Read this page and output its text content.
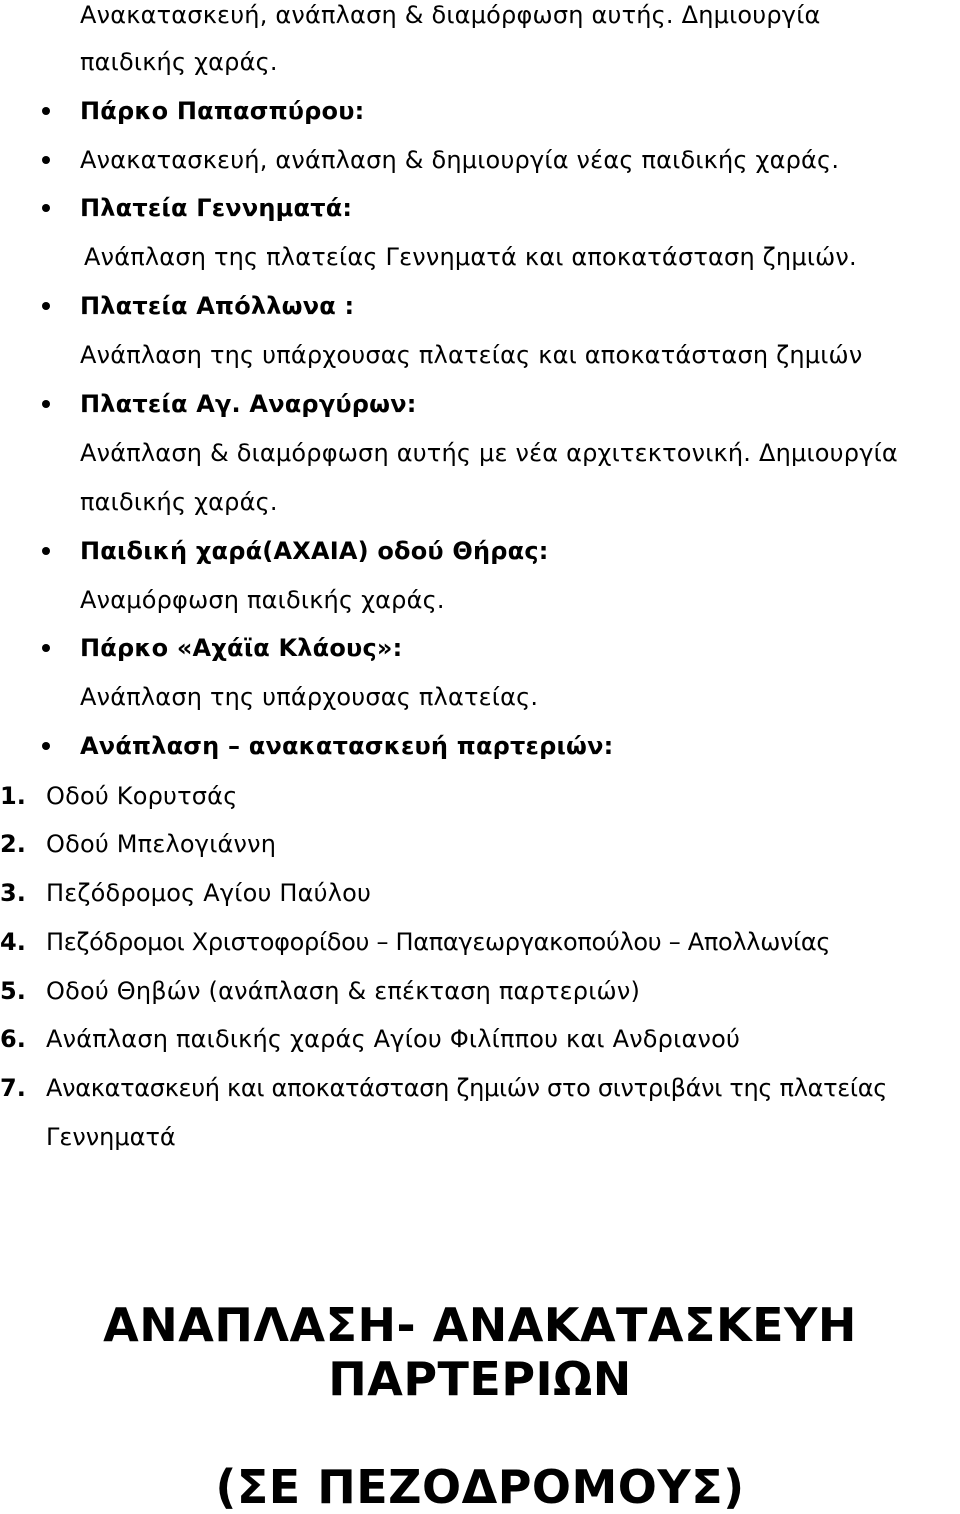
Ανακατασκευή, ανάπλαση & διαμόρφωση αυτής. Δημιουργία
παιδικής χαράς.
Πάρκο Παπασπύρου:
Ανακατασκευή, ανάπλαση & δημιουργία νέας παιδικής χαράς.
Πλατεία Γεννηματά:
Ανάπλαση της πλατείας Γεννηματά και αποκατάσταση ζημιών.
Πλατεία Απόλλωνα :
Ανάπλαση της υπάρχουσας πλατείας και αποκατάσταση ζημιών
Πλατεία Αγ. Αναργύρων:
Ανάπλαση & διαμόρφωση αυτής με νέα αρχιτεκτονική. Δημιουργία
παιδικής χαράς.
Παιδική χαρά(ΑΧΑΙΑ) οδού Θήρας:
Αναμόρφωση παιδικής χαράς.
Πάρκο «Αχάϊα Κλάους»:
Ανάπλαση της υπάρχουσας πλατείας.
Ανάπλαση – ανακατασκευή παρτεριών:
1. Οδού Κορυτσάς
2. Οδού Μπελογιάννη
3. Πεζόδρομος Αγίου Παύλου
4. Πεζόδρομοι Χριστοφορίδου – Παπαγεωργακοπούλου – Απολλωνίας
5. Οδού Θηβών (ανάπλαση & επέκταση παρτεριών)
6. Ανάπλαση παιδικής χαράς Αγίου Φιλίππου και Ανδριανού
7. Ανακατασκευή και αποκατάσταση ζημιών στο σιντριβάνι της πλατείας
Γεννηματά
ΑΝΑΠΛΑΣΗ- ΑΝΑΚΑΤΑΣΚΕΥΗ
ΠΑΡΤΕΡΙΩΝ
(ΣΕ ΠΕΖΟΔΡΟΜΟΥΣ)
